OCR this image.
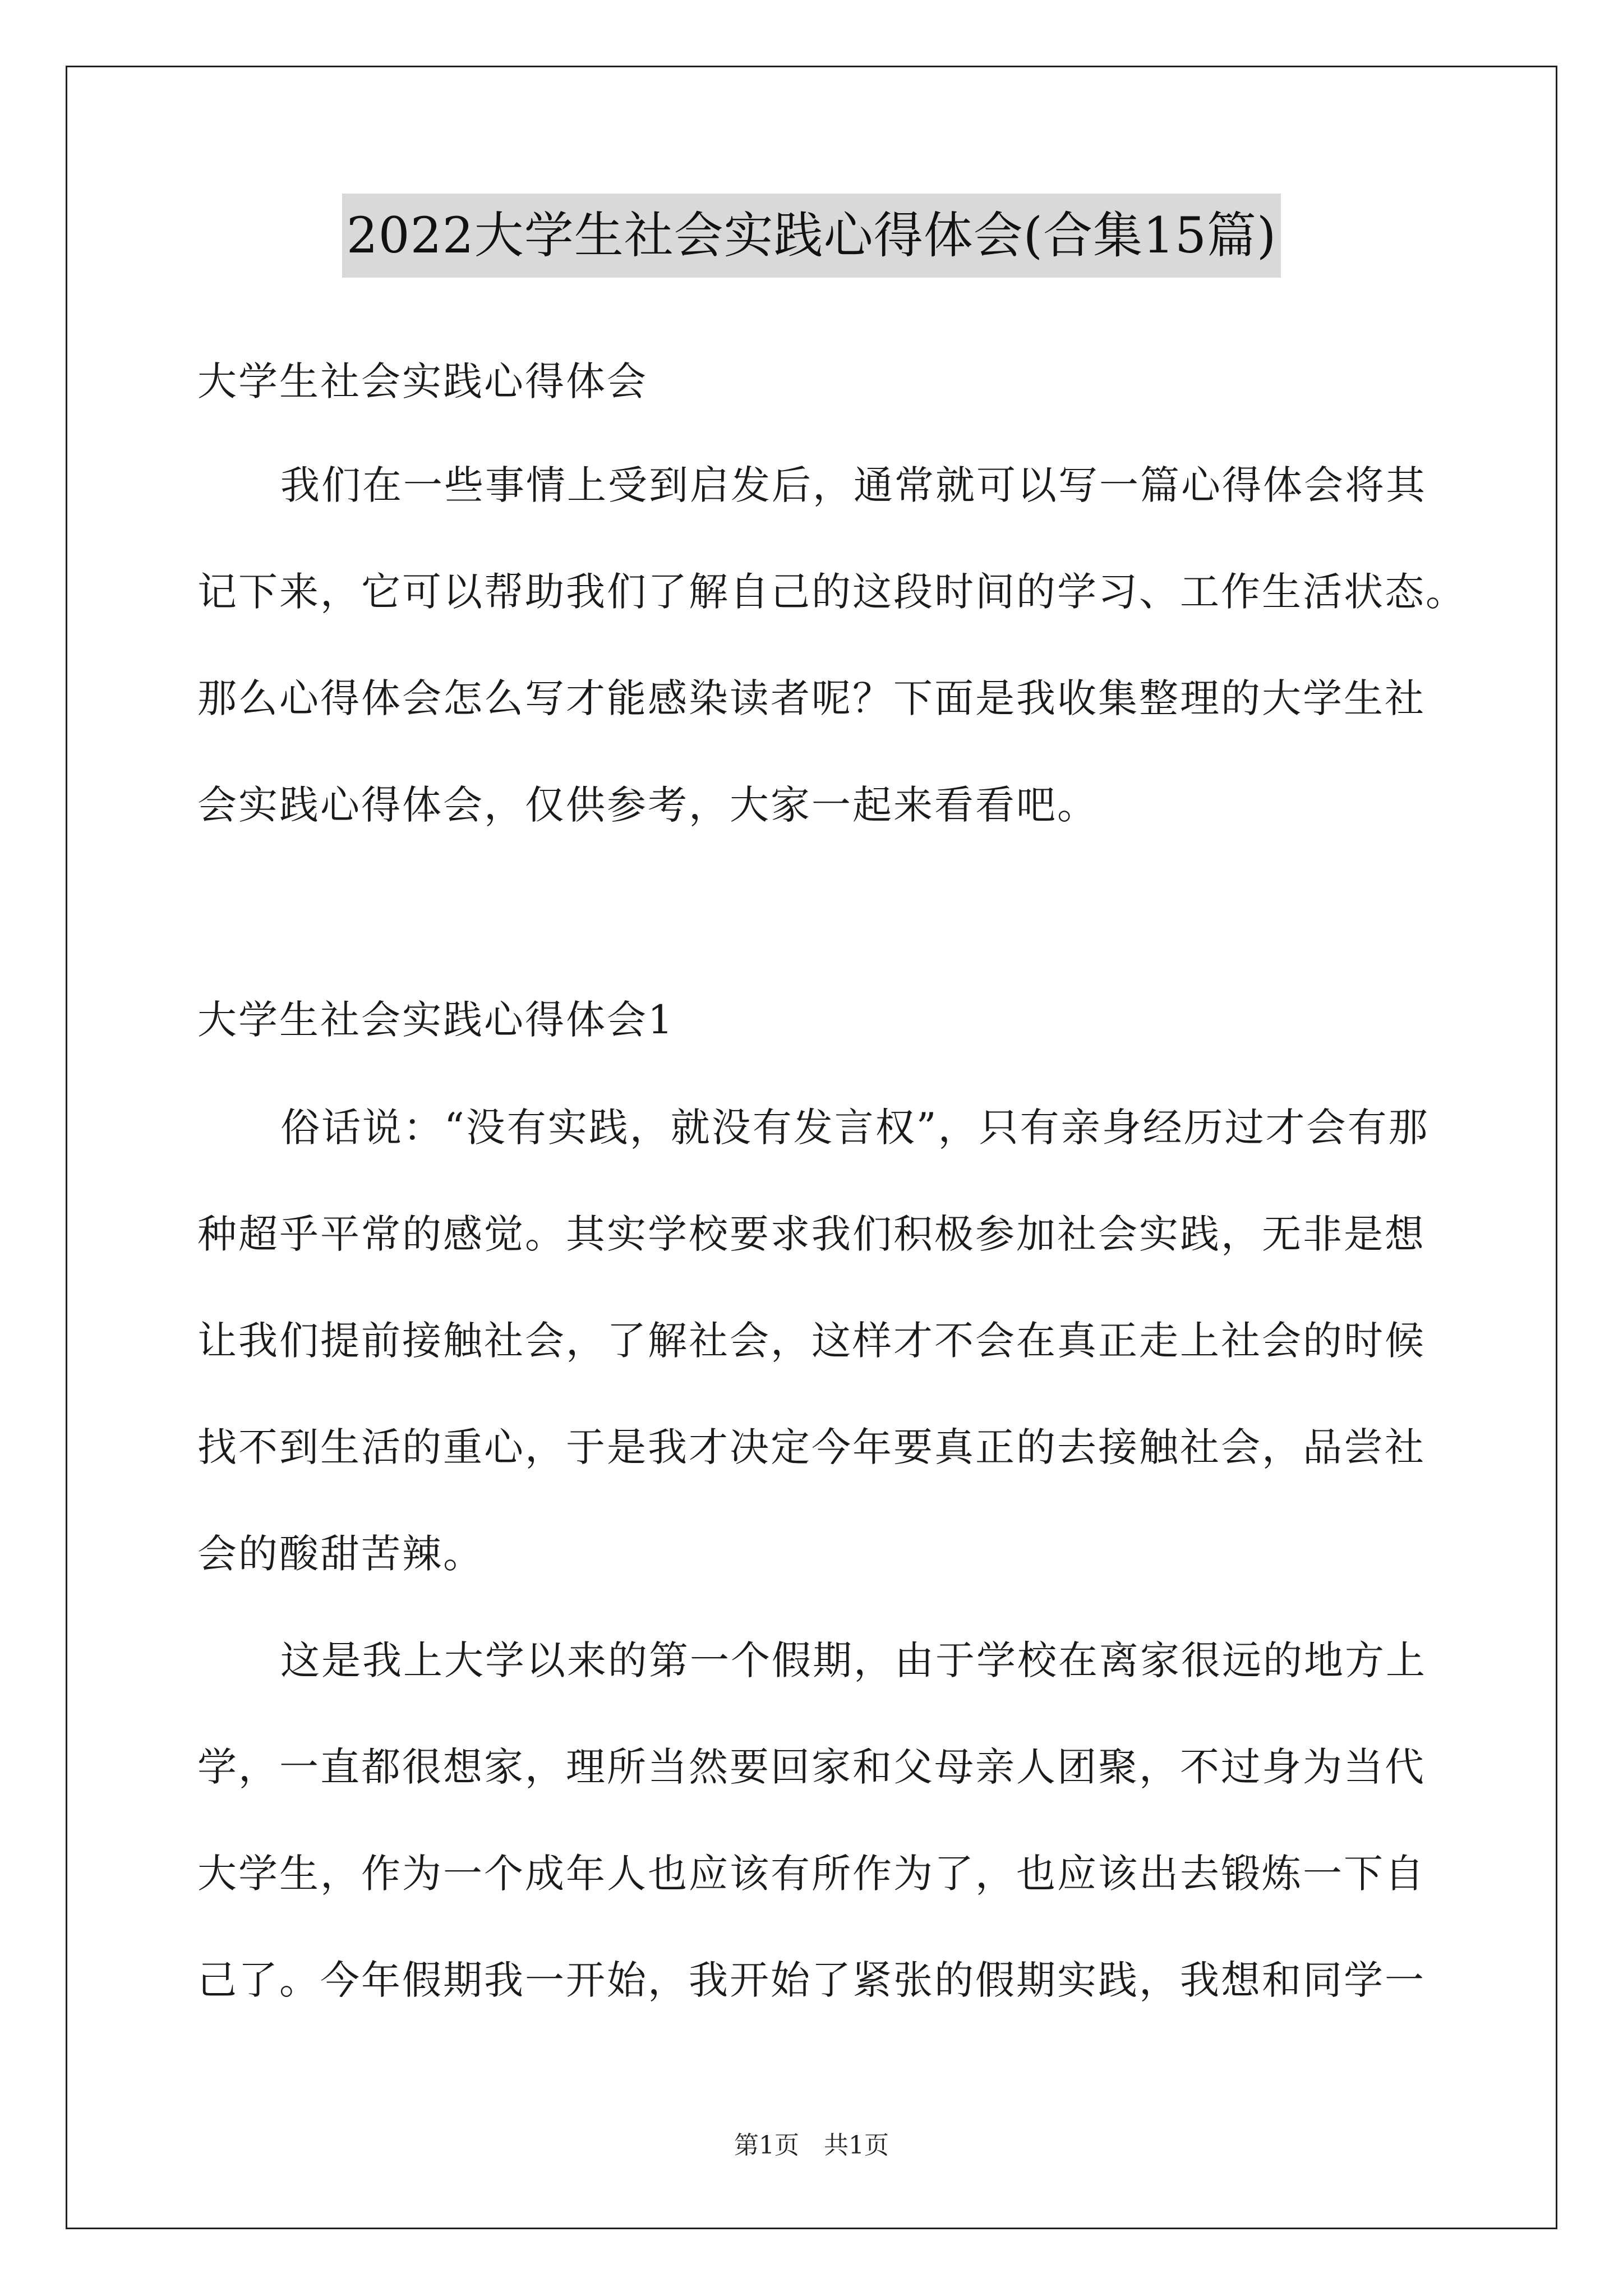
2022大学生社会实践心得体会(合集15篇)
大学生社会实践心得体会
我们在一些事情上受到启发后，通常就可以写一篇心得体会将其
记下来，它可以帮助我们了解自己的这段时间的学习、工作生活状态。
那么心得体会怎么写才能感染读者呢？下面是我收集整理的大学生社
会实践心得体会，仅供参考，大家一起来看看吧。
大学生社会实践心得体会1
俗话说：“没有实践，就没有发言权”，只有亲身经历过才会有那
种超乎平常的感觉。其实学校要求我们积极参加社会实践，无非是想
让我们提前接触社会，了解社会，这样才不会在真正走上社会的时候
找不到生活的重心，于是我才决定今年要真正的去接触社会，品尝社
会的酸甜苦辣。
这是我上大学以来的第一个假期，由于学校在离家很远的地方上
学，一直都很想家，理所当然要回家和父母亲人团聚，不过身为当代
大学生，作为一个成年人也应该有所作为了，也应该出去锻炼一下自
己了。今年假期我一开始，我开始了紧张的假期实践，我想和同学一
第1页　共1页
